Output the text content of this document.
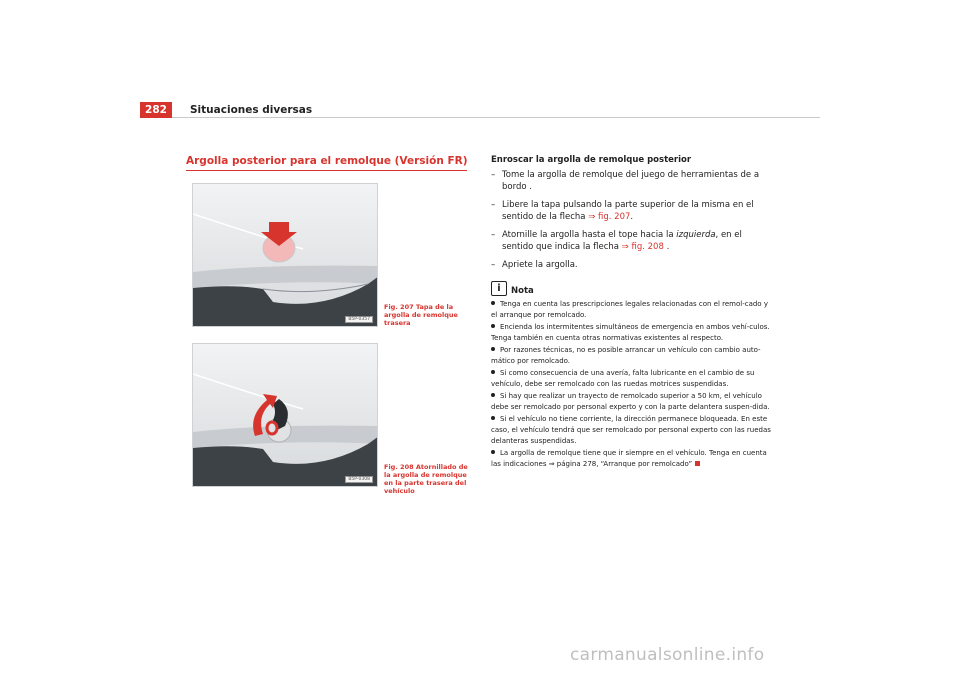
282	Situaciones diversas
Argolla posterior para el remolque (Versión FR)
B5P-0357
Fig. 207 Tapa de la argolla de remolque trasera
B5P-0308
Fig. 208 Atornillado de la argolla de remolque en la parte trasera del vehículo

Enroscar la argolla de remolque posterior

– Tome la argolla de remolque del juego de herramientas de a bordo .
– Libere la tapa pulsando la parte superior de la misma en el sentido de la flecha ⇒ fig. 207.
– Atornille la argolla hasta el tope hacia la izquierda, en el sentido que indica la flecha ⇒ fig. 208 .
– Apriete la argolla.
i	Nota
Tenga en cuenta las prescripciones legales relacionadas con el remol-cado y el arranque por remolcado.
Encienda los intermitentes simultáneos de emergencia en ambos vehí-culos. Tenga también en cuenta otras normativas existentes al respecto.
Por razones técnicas, no es posible arrancar un vehículo con cambio auto-mático por remolcado.
Si como consecuencia de una avería, falta lubricante en el cambio de su vehículo, debe ser remolcado con las ruedas motrices suspendidas.
Si hay que realizar un trayecto de remolcado superior a 50 km, el vehículo debe ser remolcado por personal experto y con la parte delantera suspen-dida.
Si el vehículo no tiene corriente, la dirección permanece bloqueada. En este caso, el vehículo tendrá que ser remolcado por personal experto con las ruedas delanteras suspendidas.
La argolla de remolque tiene que ir siempre en el vehículo. Tenga en cuenta las indicaciones ⇒ página 278, “Arranque por remolcado”
carmanualsonline.info
